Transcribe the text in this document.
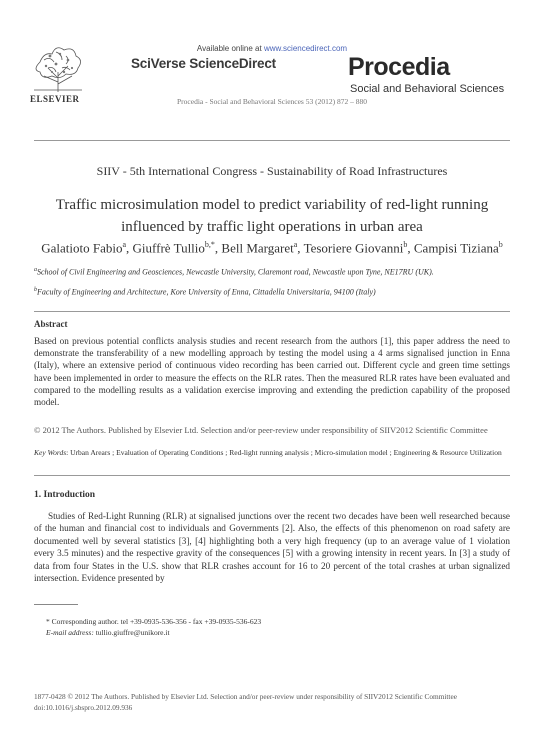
ELSEVIER
Available online at www.sciencedirect.com
SciVerse ScienceDirect
Procedia - Social and Behavioral Sciences 53 (2012) 872 – 880
Procedia
Social and Behavioral Sciences
SIIV - 5th International Congress - Sustainability of Road Infrastructures
Traffic microsimulation model to predict variability of red-light running
influenced by traffic light operations in urban area
Galatioto Fabio$^a$, Giuffrè Tullio$^{b,*}$, Bell Margaret$^a$, Tesoriere Giovanni$^b$, Campisi Tiziana$^b$
$^a$School of Civil Engineering and Geosciences, Newcastle University, Claremont road, Newcastle upon Tyne, NE17RU (UK).
$^b$Faculty of Engineering and Architecture, Kore University of Enna, Cittadella Universitaria, 94100 (Italy)
Abstract
Based on previous potential conflicts analysis studies and recent research from the authors [1], this paper address the need to demonstrate the transferability of a new modelling approach by testing the model using a 4 arms signalised junction in Enna (Italy), where an extensive period of continuous video recording has been carried out. Different cycle and green time settings have been implemented in order to measure the effects on the RLR rates. Then the measured RLR rates have been evaluated and compared to the modelling results as a validation exercise improving and extending the prediction capability of the proposed model.
© 2012 The Authors. Published by Elsevier Ltd. Selection and/or peer-review under responsibility of SIIV2012 Scientific Committee
Key Words: Urban Arears ; Evaluation of Operating Conditions ; Red-light running analysis ; Micro-simulation model ; Engineering & Resource Utilization
1. Introduction
Studies of Red-Light Running (RLR) at signalised junctions over the recent two decades have been well researched because of the human and financial cost to individuals and Governments [2]. Also, the effects of this phenomenon on road safety are documented well by several statistics [3], [4] highlighting both a very high frequency (up to an average value of 1 violation every 3.5 minutes) and the respective gravity of the consequences [5] with a growing intensity in recent years. In [3] a study of data from four States in the U.S. show that RLR crashes account for 16 to 20 percent of the total crashes at urban signalized intersection. Evidence presented by
* Corresponding author. tel +39-0935-536-356 - fax +39-0935-536-623
E-mail address: tullio.giuffre@unikore.it
1877-0428 © 2012 The Authors. Published by Elsevier Ltd. Selection and/or peer-review under responsibility of SIIV2012 Scientific Committee
doi:10.1016/j.sbspro.2012.09.936
